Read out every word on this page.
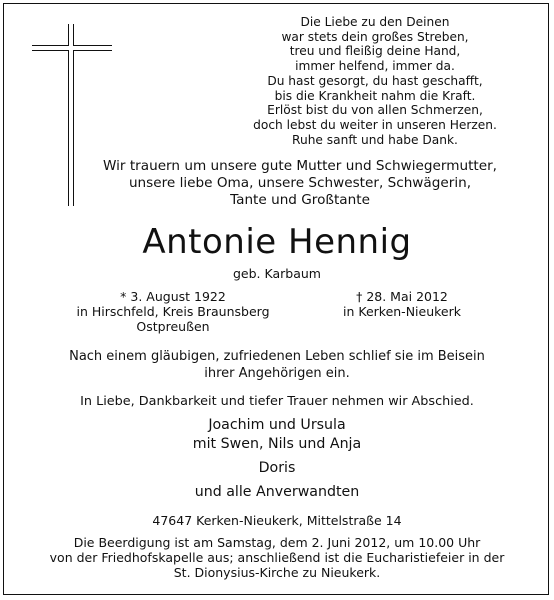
Die Liebe zu den Deinen
war stets dein großes Streben,
treu und fleißig deine Hand,
immer helfend, immer da.
Du hast gesorgt, du hast geschafft,
bis die Krankheit nahm die Kraft.
Erlöst bist du von allen Schmerzen,
doch lebst du weiter in unseren Herzen.
Ruhe sanft und habe Dank.
Wir trauern um unsere gute Mutter und Schwiegermutter,
unsere liebe Oma, unsere Schwester, Schwägerin,
Tante und Großtante
Antonie Hennig
geb. Karbaum
* 3. August 1922
in Hirschfeld, Kreis Braunsberg
Ostpreußen
† 28. Mai 2012
in Kerken-Nieukerk
Nach einem gläubigen, zufriedenen Leben schlief sie im Beisein
ihrer Angehörigen ein.
In Liebe, Dankbarkeit und tiefer Trauer nehmen wir Abschied.
Joachim und Ursula
mit Swen, Nils und Anja
Doris
und alle Anverwandten
47647 Kerken-Nieukerk, Mittelstraße 14
Die Beerdigung ist am Samstag, dem 2. Juni 2012, um 10.00 Uhr
von der Friedhofskapelle aus; anschließend ist die Eucharistiefeier in der
St. Dionysius-Kirche zu Nieukerk.
